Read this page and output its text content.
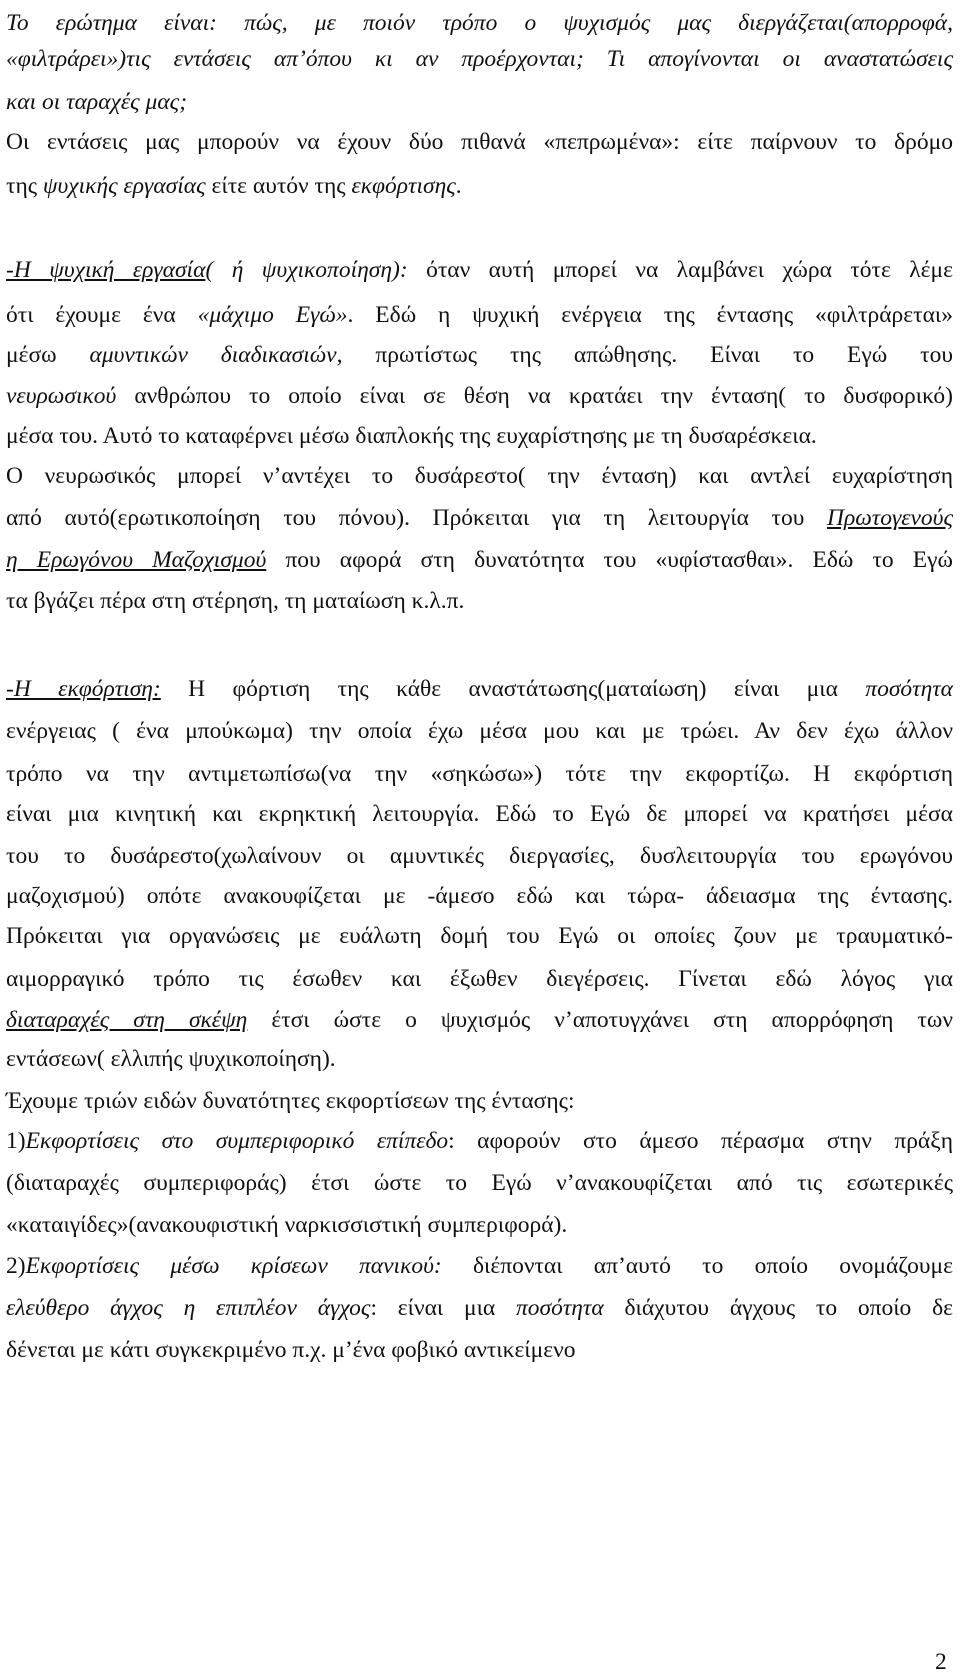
Το ερώτημα είναι: πώς, με ποιόν τρόπο ο ψυχισμός μας διεργάζεται(απορροφά,
«φιλτράρει»)τις εντάσεις απ’όπου κι αν προέρχονται; Τι απογίνονται οι αναστατώσεις
και οι ταραχές μας;
Οι εντάσεις μας μπορούν να έχουν δύο πιθανά «πεπρωμένα»: είτε παίρνουν το δρόμο
της ψυχικής εργασίας είτε αυτόν της εκφόρτισης.
-Η ψυχική εργασία( ή ψυχικοποίηση): όταν αυτή μπορεί να λαμβάνει χώρα τότε λέμε
ότι έχουμε ένα «μάχιμο Εγώ». Εδώ η ψυχική ενέργεια της έντασης «φιλτράρεται»
μέσω αμυντικών διαδικασιών, πρωτίστως της απώθησης. Είναι το Εγώ του
νευρωσικού ανθρώπου το οποίο είναι σε θέση να κρατάει την ένταση( το δυσφορικό)
μέσα του. Αυτό το καταφέρνει μέσω διαπλοκής της ευχαρίστησης με τη δυσαρέσκεια.
Ο νευρωσικός μπορεί ν’αντέχει το δυσάρεστο( την ένταση) και αντλεί ευχαρίστηση
από αυτό(ερωτικοποίηση του πόνου). Πρόκειται για τη λειτουργία του Πρωτογενούς
η Ερωγόνου Μαζοχισμού που αφορά στη δυνατότητα του «υφίστασθαι». Εδώ το Εγώ
τα βγάζει πέρα στη στέρηση, τη ματαίωση κ.λ.π.
-Η εκφόρτιση: Η φόρτιση της κάθε αναστάτωσης(ματαίωση) είναι μια ποσότητα
ενέργειας ( ένα μπούκωμα) την οποία έχω μέσα μου και με τρώει. Αν δεν έχω άλλον
τρόπο να την αντιμετωπίσω(να την «σηκώσω») τότε την εκφορτίζω. Η εκφόρτιση
είναι μια κινητική και εκρηκτική λειτουργία. Εδώ το Εγώ δε μπορεί να κρατήσει μέσα
του το δυσάρεστο(χωλαίνουν οι αμυντικές διεργασίες, δυσλειτουργία του ερωγόνου
μαζοχισμού) οπότε ανακουφίζεται με -άμεσο εδώ και τώρα- άδειασμα της έντασης.
Πρόκειται για οργανώσεις με ευάλωτη δομή του Εγώ οι οποίες ζουν με τραυματικό-
αιμορραγικό τρόπο τις έσωθεν και έξωθεν διεγέρσεις. Γίνεται εδώ λόγος για
διαταραχές στη σκέψη έτσι ώστε ο ψυχισμός ν’αποτυγχάνει στη απορρόφηση των
εντάσεων( ελλιπής ψυχικοποίηση).
Έχουμε τριών ειδών δυνατότητες εκφορτίσεων της έντασης:
1)Εκφορτίσεις στο συμπεριφορικό επίπεδο: αφορούν στο άμεσο πέρασμα στην πράξη
(διαταραχές συμπεριφοράς) έτσι ώστε το Εγώ ν’ανακουφίζεται από τις εσωτερικές
«καταιγίδες»(ανακουφιστική ναρκισσιστική συμπεριφορά).
2)Εκφορτίσεις μέσω κρίσεων πανικού: διέπονται απ’αυτό το οποίο ονομάζουμε
ελεύθερο άγχος η επιπλέον άγχος: είναι μια ποσότητα διάχυτου άγχους το οποίο δε
δένεται με κάτι συγκεκριμένο π.χ. μ’ένα φοβικό αντικείμενο
2
